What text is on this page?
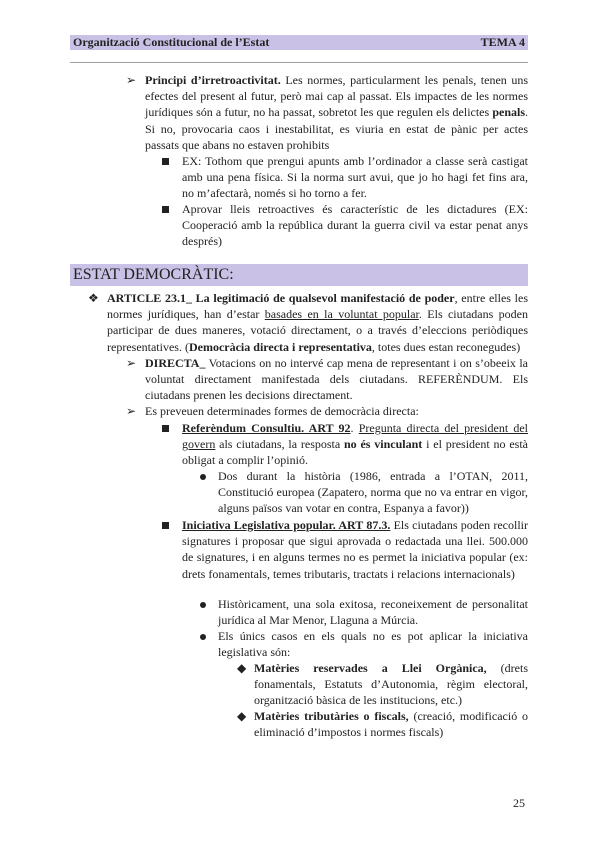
Organització Constitucional de l’Estat	TEMA 4
➢ Principi d’irretroactivitat. Les normes, particularment les penals, tenen uns efectes del present al futur, però mai cap al passat. Els impactes de les normes jurídiques són a futur, no ha passat, sobretot les que regulen els delictes penals. Si no, provocaria caos i inestabilitat, es viuria en estat de pànic per actes passats que abans no estaven prohibits
EX: Tothom que prengui apunts amb l’ordinador a classe serà castigat amb una pena física. Si la norma surt avui, que jo ho hagi fet fins ara, no m’afectarà, només si ho torno a fer.
Aprovar lleis retroactives és característic de les dictadures (EX: Cooperació amb la república durant la guerra civil va estar penat anys després)
ESTAT DEMOCRÀTIC:
❖ ARTICLE 23.1_ La legitimació de qualsevol manifestació de poder, entre elles les normes jurídiques, han d’estar basades en la voluntat popular. Els ciutadans poden participar de dues maneres, votació directament, o a través d’eleccions periòdiques representatives. (Democràcia directa i representativa, totes dues estan reconegudes)
➢ DIRECTA_ Votacions on no intervé cap mena de representant i on s’obeeix la voluntat directament manifestada dels ciutadans. REFERÈNDUM. Els ciutadans prenen les decisions directament.
➢ Es preveuen determinades formes de democràcia directa:
Referèndum Consultiu. ART 92. Pregunta directa del president del govern als ciutadans, la resposta no és vinculant i el president no està obligat a complir l’opinió.
Dos durant la història (1986, entrada a l’OTAN, 2011, Constitució europea (Zapatero, norma que no va entrar en vigor, alguns països van votar en contra, Espanya a favor))
Iniciativa Legislativa popular. ART 87.3. Els ciutadans poden recollir signatures i proposar que sigui aprovada o redactada una llei. 500.000 de signatures, i en alguns termes no es permet la iniciativa popular (ex: drets fonamentals, temes tributaris, tractats i relacions internacionals)
Històricament, una sola exitosa, reconeixement de personalitat jurídica al Mar Menor, Llaguna a Múrcia.
Els únics casos en els quals no es pot aplicar la iniciativa legislativa són:
◆ Matèries reservades a Llei Orgànica, (drets fonamentals, Estatuts d’Autonomia, règim electoral, organització bàsica de les institucions, etc.)
◆ Matèries tributàries o fiscals, (creació, modificació o eliminació d’impostos i normes fiscals)
25
